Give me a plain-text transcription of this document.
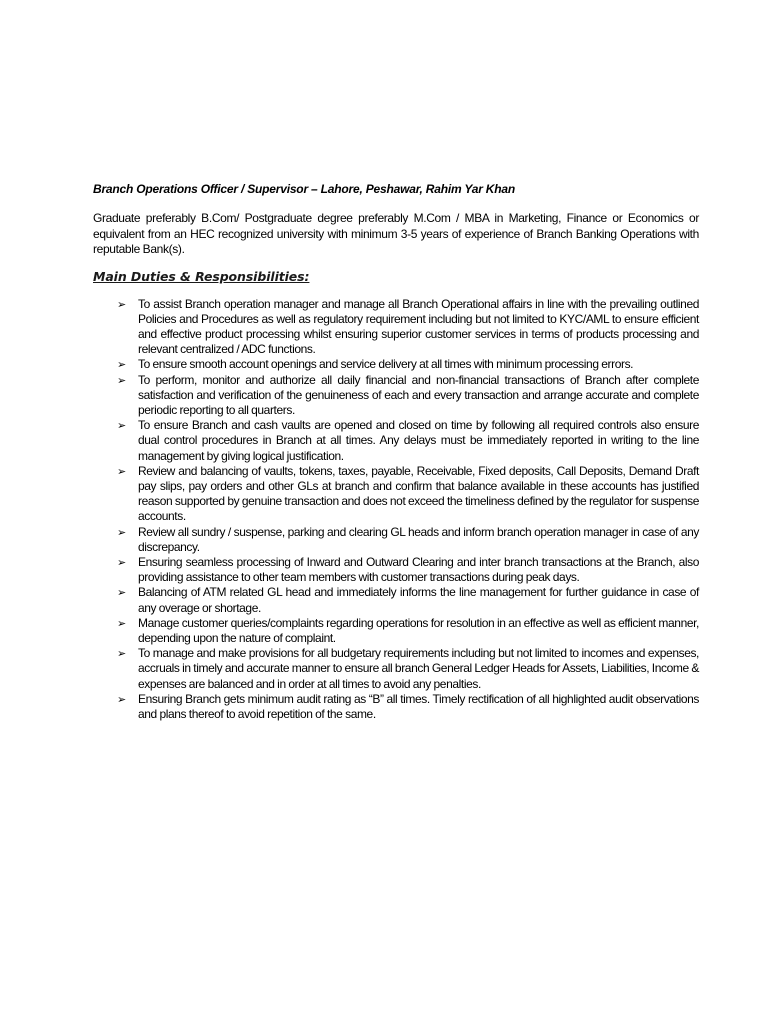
Branch Operations Officer / Supervisor – Lahore, Peshawar, Rahim Yar Khan

Graduate preferably B.Com/ Postgraduate degree preferably M.Com / MBA in Marketing, Finance or Economics or equivalent from an HEC recognized university with minimum 3-5 years of experience of Branch Banking Operations with reputable Bank(s).

Main Duties & Responsibilities:

➢ To assist Branch operation manager and manage all Branch Operational affairs in line with the prevailing outlined Policies and Procedures as well as regulatory requirement including but not limited to KYC/AML to ensure efficient and effective product processing whilst ensuring superior customer services in terms of products processing and relevant centralized / ADC functions.
➢ To ensure smooth account openings and service delivery at all times with minimum processing errors.
➢ To perform, monitor and authorize all daily financial and non-financial transactions of Branch after complete satisfaction and verification of the genuineness of each and every transaction and arrange accurate and complete periodic reporting to all quarters.
➢ To ensure Branch and cash vaults are opened and closed on time by following all required controls also ensure dual control procedures in Branch at all times. Any delays must be immediately reported in writing to the line management by giving logical justification.
➢ Review and balancing of vaults, tokens, taxes, payable, Receivable, Fixed deposits, Call Deposits, Demand Draft pay slips, pay orders and other GLs at branch and confirm that balance available in these accounts has justified reason supported by genuine transaction and does not exceed the timeliness defined by the regulator for suspense accounts.
➢ Review all sundry / suspense, parking and clearing GL heads and inform branch operation manager in case of any discrepancy.
➢ Ensuring seamless processing of Inward and Outward Clearing and inter branch transactions at the Branch, also providing assistance to other team members with customer transactions during peak days.
➢ Balancing of ATM related GL head and immediately informs the line management for further guidance in case of any overage or shortage.
➢ Manage customer queries/complaints regarding operations for resolution in an effective as well as efficient manner, depending upon the nature of complaint.
➢ To manage and make provisions for all budgetary requirements including but not limited to incomes and expenses, accruals in timely and accurate manner to ensure all branch General Ledger Heads for Assets, Liabilities, Income & expenses are balanced and in order at all times to avoid any penalties.
➢ Ensuring Branch gets minimum audit rating as “B” all times. Timely rectification of all highlighted audit observations and plans thereof to avoid repetition of the same.
